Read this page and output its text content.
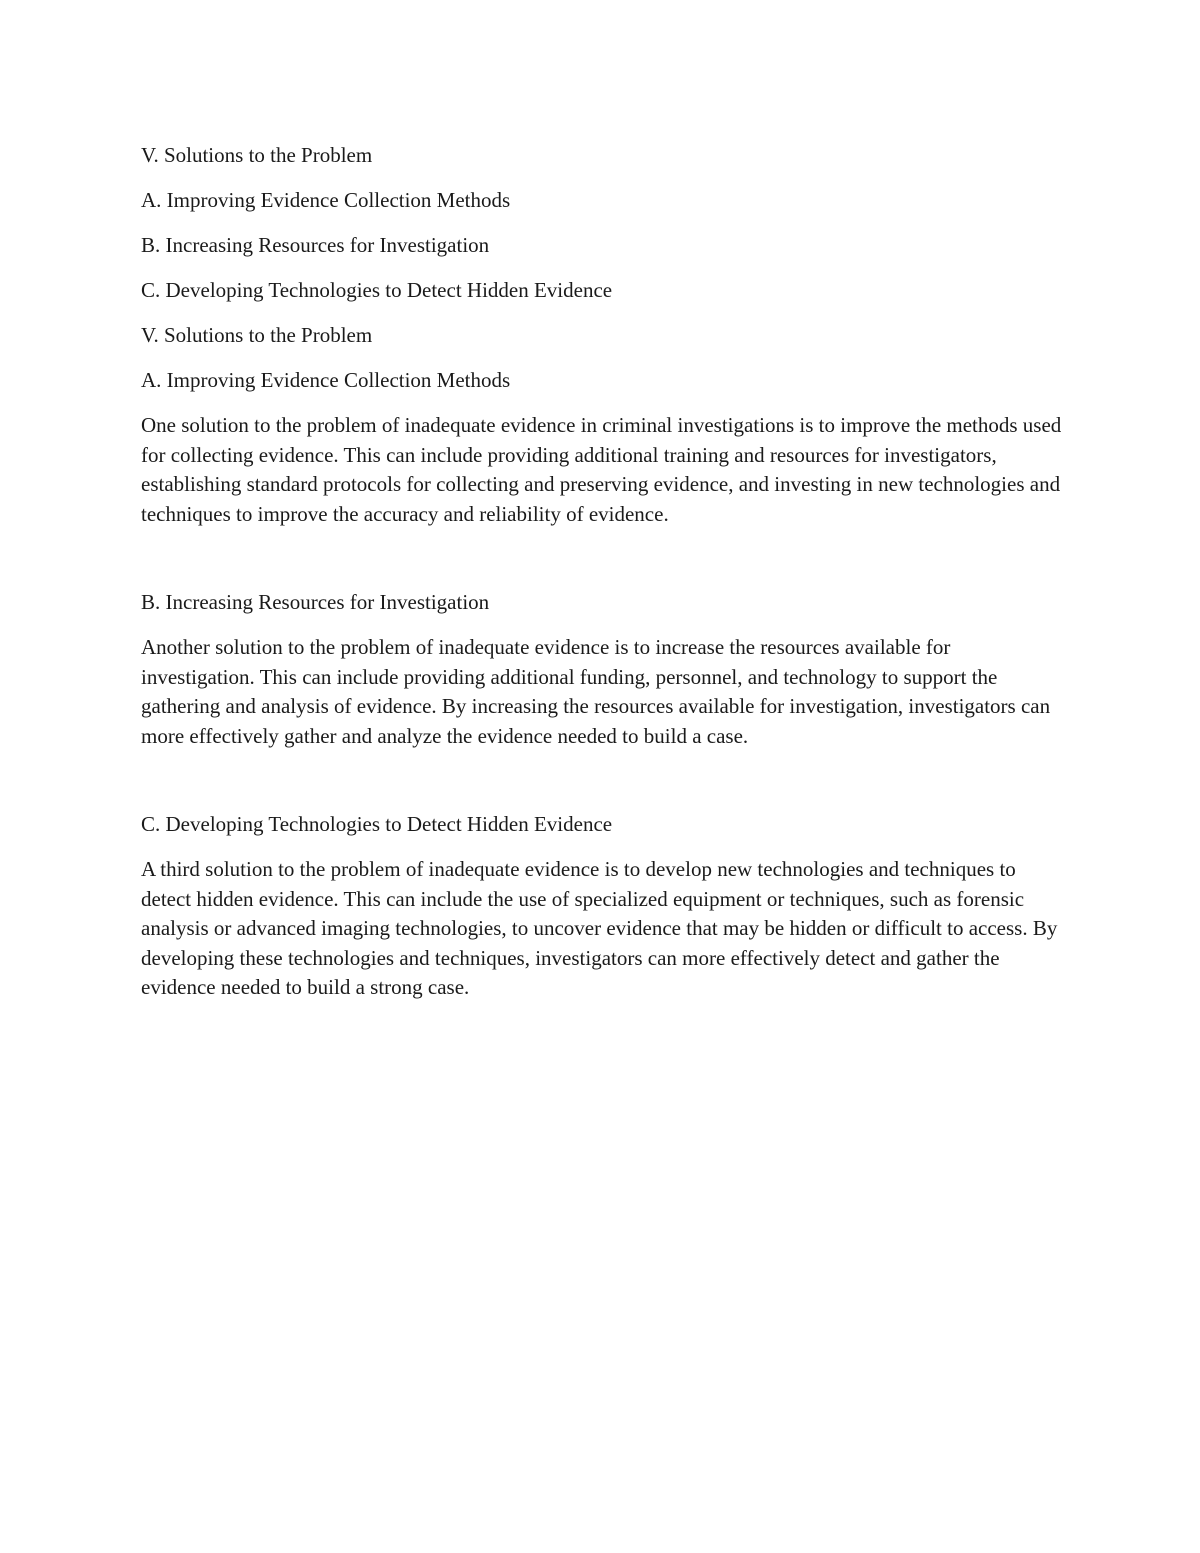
V. Solutions to the Problem

A. Improving Evidence Collection Methods

B. Increasing Resources for Investigation

C. Developing Technologies to Detect Hidden Evidence

V. Solutions to the Problem

A. Improving Evidence Collection Methods

One solution to the problem of inadequate evidence in criminal investigations is to improve the methods used for collecting evidence. This can include providing additional training and resources for investigators, establishing standard protocols for collecting and preserving evidence, and investing in new technologies and techniques to improve the accuracy and reliability of evidence.

B. Increasing Resources for Investigation

Another solution to the problem of inadequate evidence is to increase the resources available for investigation. This can include providing additional funding, personnel, and technology to support the gathering and analysis of evidence. By increasing the resources available for investigation, investigators can more effectively gather and analyze the evidence needed to build a case.

C. Developing Technologies to Detect Hidden Evidence

A third solution to the problem of inadequate evidence is to develop new technologies and techniques to detect hidden evidence. This can include the use of specialized equipment or techniques, such as forensic analysis or advanced imaging technologies, to uncover evidence that may be hidden or difficult to access. By developing these technologies and techniques, investigators can more effectively detect and gather the evidence needed to build a strong case.
